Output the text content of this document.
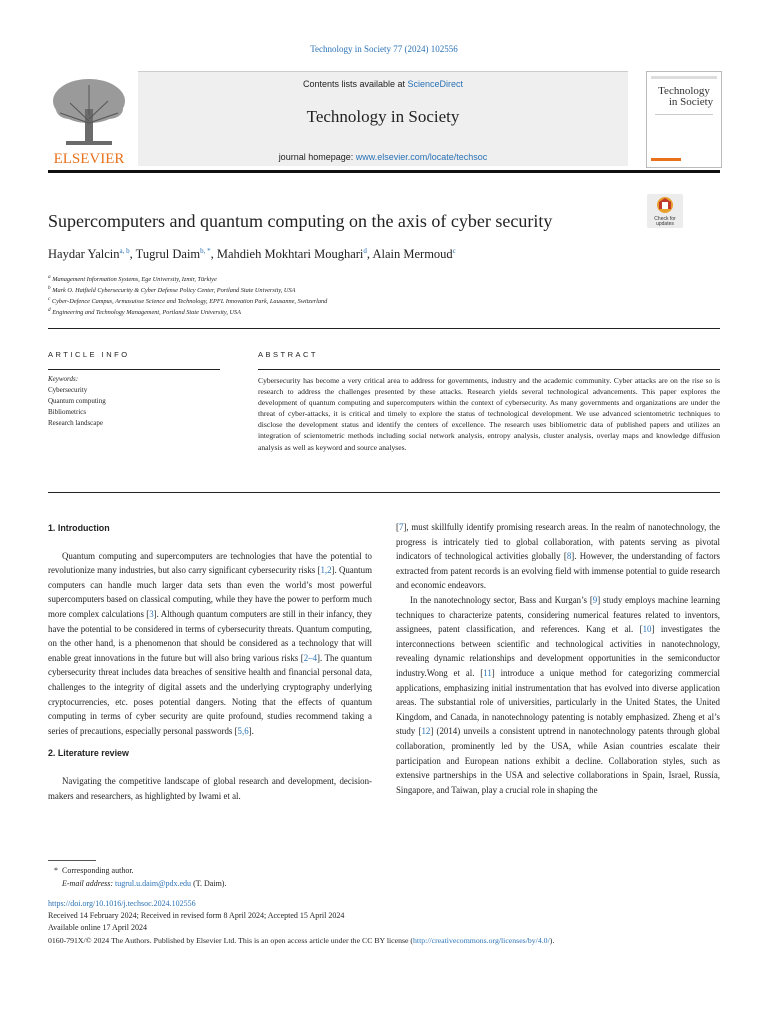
Technology in Society 77 (2024) 102556
ELSEVIER
Contents lists available at ScienceDirect
Technology in Society
journal homepage: www.elsevier.com/locate/techsoc
Technology
in Society
Supercomputers and quantum computing on the axis of cyber security	Check for
updates
Haydar Yalcin$^{a, b}$, Tugrul Daim$^{b, *}$, Mahdieh Mokhtari Moughari$^d$, Alain Mermoud$^c$
$^a$ Management Information Systems, Ege University, Izmir, Türkiye
$^b$ Mark O. Hatfield Cybersecurity & Cyber Defense Policy Center, Portland State University, USA
$^c$ Cyber-Defence Campus, Armasuisse Science and Technology, EPFL Innovation Park, Lausanne, Switzerland
$^d$ Engineering and Technology Management, Portland State University, USA
ARTICLE INFO
Keywords:
Cybersecurity
Quantum computing
Bibliometrics
Research landscape
ABSTRACT
Cybersecurity has become a very critical area to address for governments, industry and the academic community. Cyber attacks are on the rise so is research to address the challenges presented by these attacks. Research yields several technological advancements. This paper explores the development of quantum computing and supercomputers within the context of cybersecurity. As many governments and organizations are under the threat of cyber-attacks, it is critical and timely to explore the status of technological development. We use advanced scientometric techniques to disclose the development status and identify the centers of excellence. The research uses bibliometric data of published papers and utilizes an integration of scientometric methods including social network analysis, entropy analysis, cluster analysis, overlay maps and knowledge diffusion analysis as well as keyword and source analyses.
1. Introduction

Quantum computing and supercomputers are technologies that have the potential to revolutionize many industries, but also carry significant cybersecurity risks [1,2]. Quantum computers can handle much larger data sets than even the world’s most powerful supercomputers based on classical computing, while they have the power to perform much more complex calculations [3]. Although quantum computers are still in their infancy, they have the potential to be considered in terms of cybersecurity threats. Quantum computing, on the other hand, is a phenomenon that should be considered as a technology that will enable great innovations in the future but will also bring various risks [2–4]. The quantum cybersecurity threat includes data breaches of sensitive health and financial personal data, challenges to the integrity of digital assets and the underlying cryptography underlying cryptocurrencies, etc. poses potential dangers. Noting that the effects of quantum computing in terms of cyber security are quite profound, studies recommend taking a series of precautions, especially personal passwords [5,6].

2. Literature review

Navigating the competitive landscape of global research and development, decision-makers and researchers, as highlighted by Iwami et al.

[7], must skillfully identify promising research areas. In the realm of nanotechnology, the progress is intricately tied to global collaboration, with patents serving as pivotal indicators of technological activities globally [8]. However, the understanding of factors extracted from patent records is an evolving field with immense potential to guide research and economic endeavors.

In the nanotechnology sector, Bass and Kurgan’s [9] study employs machine learning techniques to characterize patents, considering numerical features related to inventors, assignees, patent classification, and references. Kang et al. [10] investigates the interconnections between scientific and technological activities in nanotechnology, revealing dynamic relationships and development opportunities in the semiconductor industry.Wong et al. [11] introduce a unique method for categorizing commercial applications, emphasizing initial instrumentation that has evolved into diverse application areas. The substantial role of universities, particularly in the United States, the United Kingdom, and Canada, in nanotechnology patenting is notably emphasized. Zheng et al’s study [12] (2014) unveils a consistent uptrend in nanotechnology patents through global collaboration, prominently led by the USA, while Asian countries escalate their participation and European nations exhibit a decline. Collaboration styles, such as extensive partnerships in the USA and selective collaborations in Spain, Israel, Russia, Singapore, and Taiwan, play a crucial role in shaping the

* Corresponding author.
E-mail address: tugrul.u.daim@pdx.edu (T. Daim).
https://doi.org/10.1016/j.techsoc.2024.102556
Received 14 February 2024; Received in revised form 8 April 2024; Accepted 15 April 2024
Available online 17 April 2024
0160-791X/© 2024 The Authors. Published by Elsevier Ltd. This is an open access article under the CC BY license (http://creativecommons.org/licenses/by/4.0/).
